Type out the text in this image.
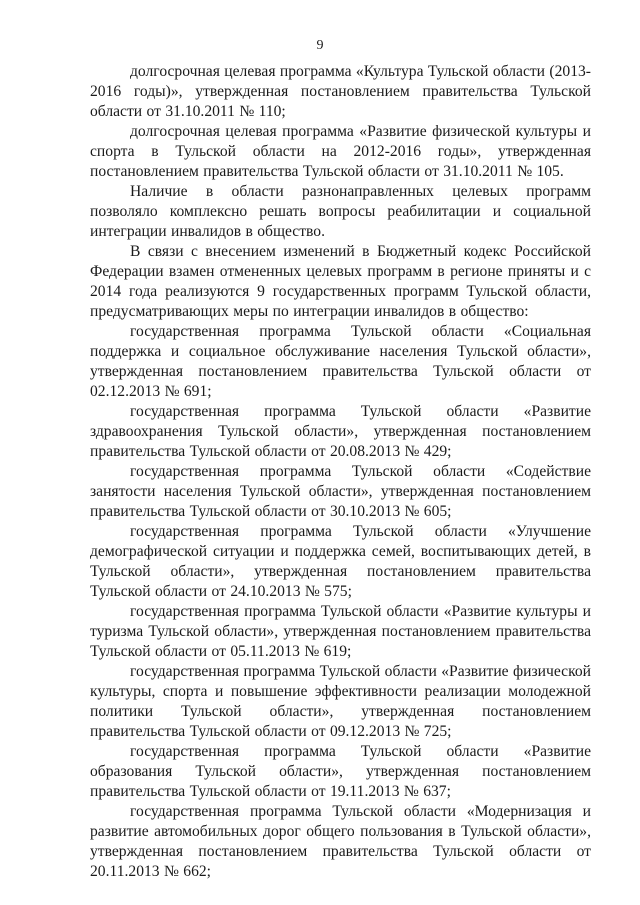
9

долгосрочная целевая программа «Культура Тульской области (2013-2016 годы)», утвержденная постановлением правительства Тульской области от 31.10.2011 № 110;

долгосрочная целевая программа «Развитие физической культуры и спорта в Тульской области на 2012-2016 годы», утвержденная постановлением правительства Тульской области от 31.10.2011 № 105.

Наличие в области разнонаправленных целевых программ позволяло комплексно решать вопросы реабилитации и социальной интеграции инвалидов в общество.

В связи с внесением изменений в Бюджетный кодекс Российской Федерации взамен отмененных целевых программ в регионе приняты и с 2014 года реализуются 9 государственных программ Тульской области, предусматривающих меры по интеграции инвалидов в общество:

государственная программа Тульской области «Социальная поддержка и социальное обслуживание населения Тульской области», утвержденная постановлением правительства Тульской области от 02.12.2013 № 691;

государственная программа Тульской области «Развитие здравоохранения Тульской области», утвержденная постановлением правительства Тульской области от 20.08.2013 № 429;

государственная программа Тульской области «Содействие занятости населения Тульской области», утвержденная постановлением правительства Тульской области от 30.10.2013 № 605;

государственная программа Тульской области «Улучшение демографической ситуации и поддержка семей, воспитывающих детей, в Тульской области», утвержденная постановлением правительства Тульской области от 24.10.2013 № 575;

государственная программа Тульской области «Развитие культуры и туризма Тульской области», утвержденная постановлением правительства Тульской области от 05.11.2013 № 619;

государственная программа Тульской области «Развитие физической культуры, спорта и повышение эффективности реализации молодежной политики Тульской области», утвержденная постановлением правительства Тульской области от 09.12.2013 № 725;

государственная программа Тульской области «Развитие образования Тульской области», утвержденная постановлением правительства Тульской области от 19.11.2013 № 637;

государственная программа Тульской области «Модернизация и развитие автомобильных дорог общего пользования в Тульской области», утвержденная постановлением правительства Тульской области от 20.11.2013 № 662;
